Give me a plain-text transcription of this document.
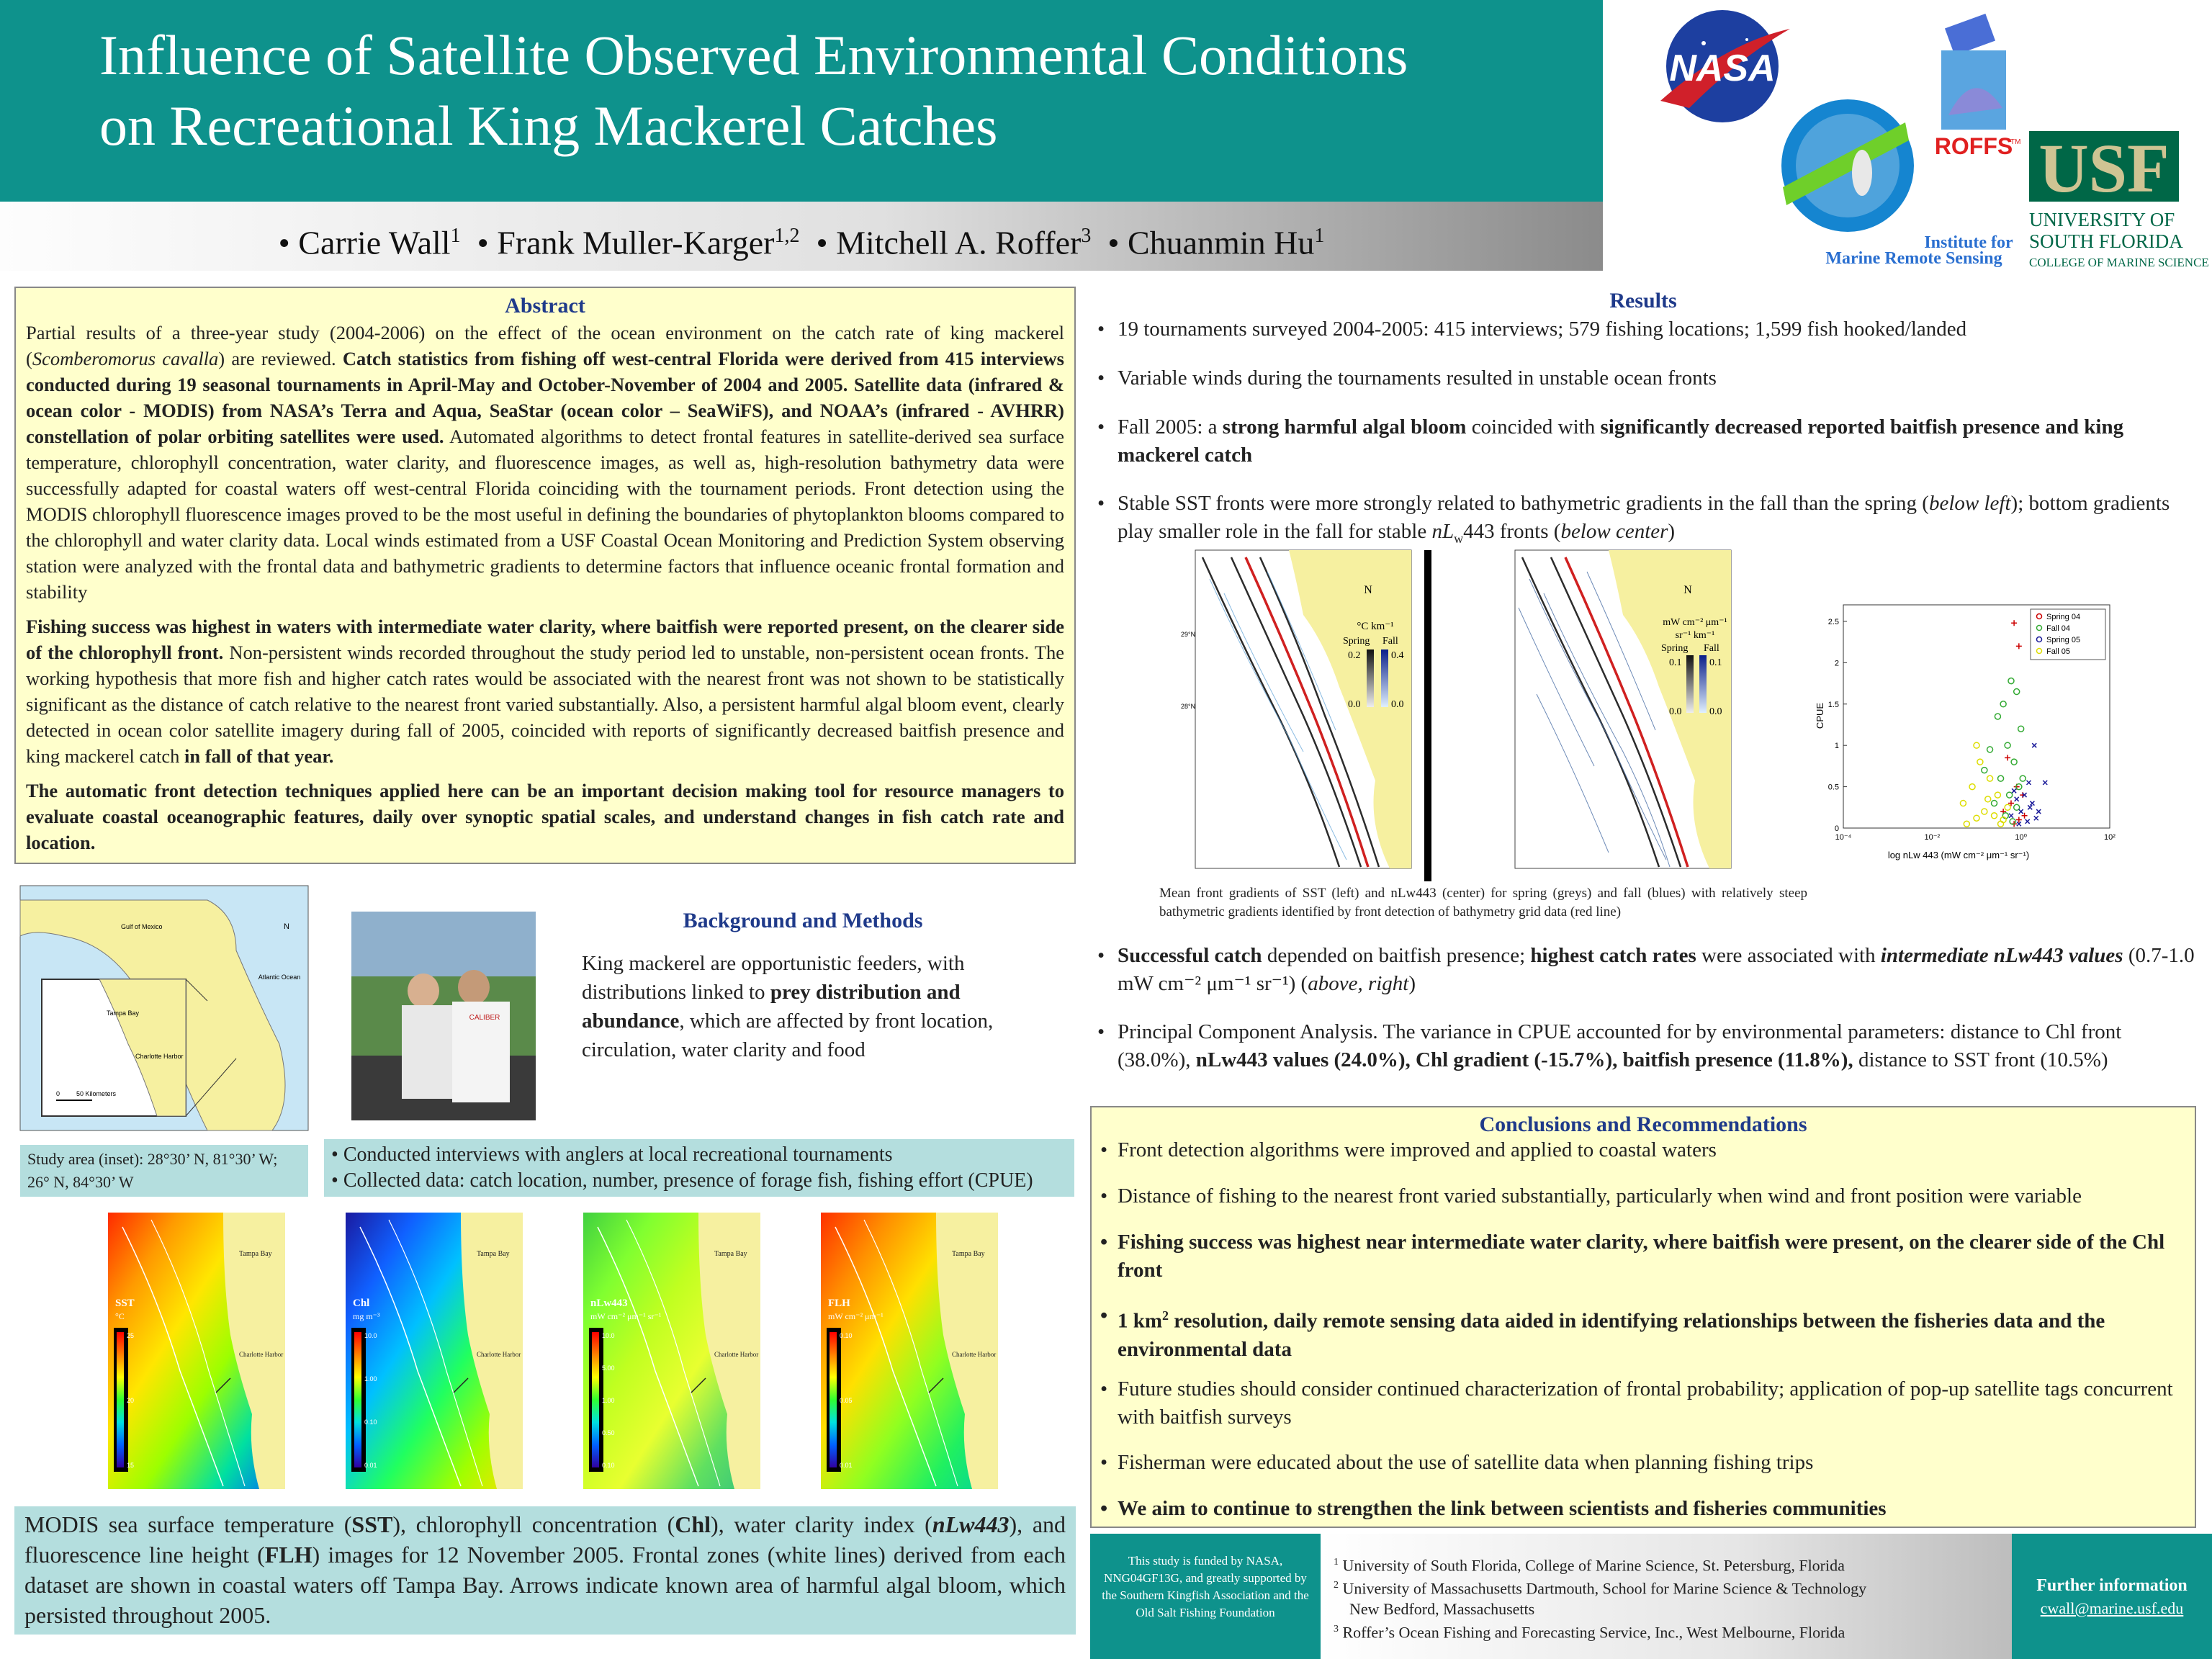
Influence of Satellite Observed Environmental Conditions
on Recreational King Mackerel Catches
• Carrie Wall$^1$  • Frank Muller-Karger$^{1,2}$  • Mitchell A. Roffer$^3$  • Chuanmin Hu$^1$
NASA
ROFFS
TM
Institute for
Marine Remote Sensing
USF
UNIVERSITY OF
SOUTH FLORIDA
COLLEGE OF MARINE SCIENCE
Abstract

Partial results of a three-year study (2004-2006) on the effect of the ocean environment on the catch rate of king mackerel (Scomberomorus cavalla) are reviewed. Catch statistics from fishing off west-central Florida were derived from 415 interviews conducted during 19 seasonal tournaments in April-May and October-November of 2004 and 2005. Satellite data (infrared & ocean color - MODIS) from NASA’s Terra and Aqua, SeaStar (ocean color – SeaWiFS), and NOAA’s (infrared - AVHRR) constellation of polar orbiting satellites were used. Automated algorithms to detect frontal features in satellite-derived sea surface temperature, chlorophyll concentration, water clarity, and fluorescence images, as well as, high-resolution bathymetry data were successfully adapted for coastal waters off west-central Florida coinciding with the tournament periods. Front detection using the MODIS chlorophyll fluorescence images proved to be the most useful in defining the boundaries of phytoplankton blooms compared to the chlorophyll and water clarity data. Local winds estimated from a USF Coastal Ocean Monitoring and Prediction System observing station were analyzed with the frontal data and bathymetric gradients to determine factors that influence oceanic frontal formation and stability

Fishing success was highest in waters with intermediate water clarity, where baitfish were reported present, on the clearer side of the chlorophyll front. Non-persistent winds recorded throughout the study period led to unstable, non-persistent ocean fronts. The working hypothesis that more fish and higher catch rates would be associated with the nearest front was not shown to be statistically significant as the distance of catch relative to the nearest front varied substantially. Also, a persistent harmful algal bloom event, clearly detected in ocean color satellite imagery during fall of 2005, coincided with reports of significantly decreased baitfish presence and king mackerel catch in fall of that year.

The automatic front detection techniques applied here can be an important decision making tool for resource managers to evaluate coastal oceanographic features, daily over synoptic spatial scales, and understand changes in fish catch rate and location.

Results
• 19 tournaments surveyed 2004-2005: 415 interviews; 579 fishing locations; 1,599 fish hooked/landed
• Variable winds during the tournaments resulted in unstable ocean fronts
• Fall 2005: a strong harmful algal bloom coincided with significantly decreased reported baitfish presence and king mackerel catch
• Stable SST fronts were more strongly related to bathymetric gradients in the fall than the spring (below left); bottom gradients play smaller role in the fall for stable $nL_w443$ fronts (below center)
N
°C km⁻¹
Spring Fall
0.2	0.4
0.0	0.0
29°N
28°N
N
mW cm⁻² μm⁻¹
sr⁻¹ km⁻¹
Spring Fall
0.1	0.1
0.0	0.0
Mean front gradients of SST (left) and nLw443 (center) for spring (greys) and fall (blues) with relatively steep bathymetric gradients identified by front detection of bathymetry grid data (red line)
10⁻⁴	10⁻²	10⁰	10²
0
0.5
1
1.5
2
2.5
Spring 04
Fall 04
Spring 05
Fall 05
log nLw 443 (mW cm⁻² μm⁻¹ sr⁻¹)
CPUE
• Successful catch depended on baitfish presence; highest catch rates were associated with intermediate nLw443 values (0.7-1.0 mW cm⁻² μm⁻¹ sr⁻¹) (above, right)
• Principal Component Analysis. The variance in CPUE accounted for by environmental parameters: distance to Chl front (38.0%), nLw443 values (24.0%), Chl gradient (-15.7%), baitfish presence (11.8%), distance to SST front (10.5%)
Gulf of Mexico
Atlantic Ocean
Tampa Bay
Charlotte Harbor
0	50 Kilometers
N
CALIBER
Background and Methods
King mackerel are opportunistic feeders, with distributions linked to prey distribution and abundance, which are affected by front location, circulation, water clarity and food
Study area (inset): 28°30’ N, 81°30’ W; 26° N, 84°30’ W
• Conducted interviews with anglers at local recreational tournaments
• Collected data: catch location, number, presence of forage fish, fishing effort (CPUE)
SST
°C
25
20
15
Tampa Bay
Charlotte Harbor
Chl
mg m⁻³
10.0
1.00
0.10
0.01
Tampa Bay
Charlotte Harbor
nLw443
mW cm⁻² μm⁻¹ sr⁻¹
10.0
5.00
1.00
0.50
0.10
Tampa Bay
Charlotte Harbor
FLH
mW cm⁻² μm⁻¹
0.10
0.05
0.01
Tampa Bay
Charlotte Harbor
MODIS sea surface temperature (SST), chlorophyll concentration (Chl), water clarity index (nLw443), and fluorescence line height (FLH) images for 12 November 2005. Frontal zones (white lines) derived from each dataset are shown in coastal waters off Tampa Bay. Arrows indicate known area of harmful algal bloom, which persisted throughout 2005.
Conclusions and Recommendations
• Front detection algorithms were improved and applied to coastal waters
• Distance of fishing to the nearest front varied substantially, particularly when wind and front position were variable
• Fishing success was highest near intermediate water clarity, where baitfish were present, on the clearer side of the Chl front
• 1 $km^2$ resolution, daily remote sensing data aided in identifying relationships between the fisheries data and the environmental data
• Future studies should consider continued characterization of frontal probability; application of pop-up satellite tags concurrent with baitfish surveys
• Fisherman were educated about the use of satellite data when planning fishing trips
• We aim to continue to strengthen the link between scientists and fisheries communities
This study is funded by NASA, NNG04GF13G, and greatly supported by the Southern Kingfish Association and the Old Salt Fishing Foundation
$^1$ University of South Florida, College of Marine Science, St. Petersburg, Florida
$^2$ University of Massachusetts Dartmouth, School for Marine Science & Technology
New Bedford, Massachusetts
$^3$ Roffer’s Ocean Fishing and Forecasting Service, Inc., West Melbourne, Florida
Further information
cwall@marine.usf.edu
